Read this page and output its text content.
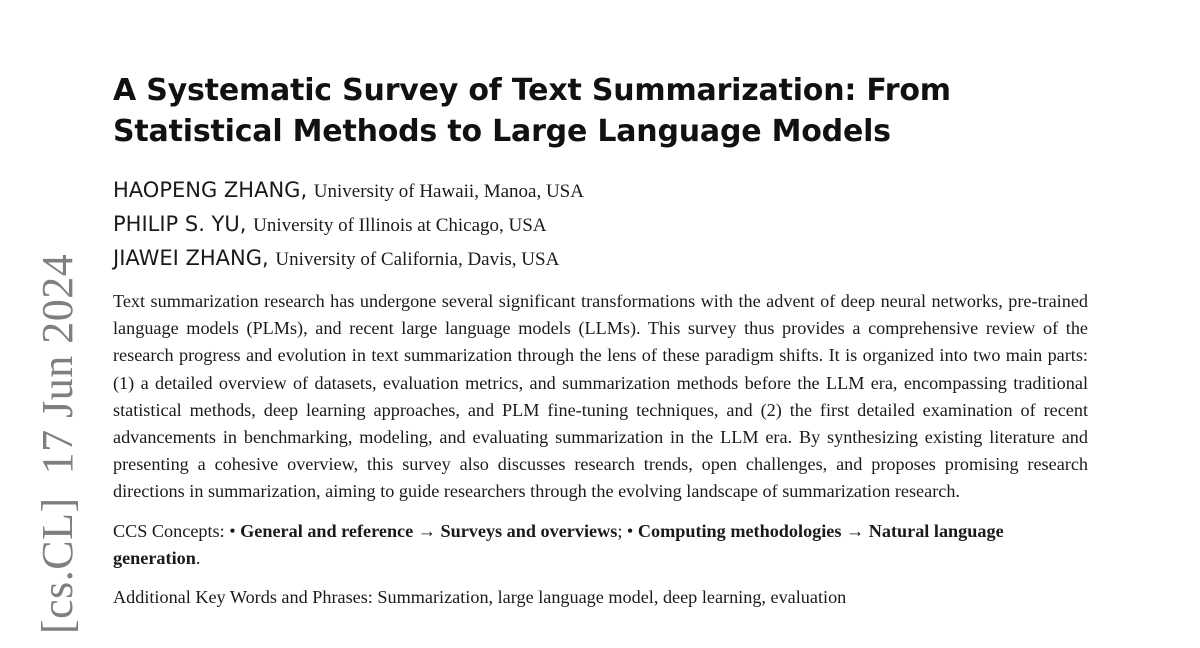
[cs.CL]  17 Jun 2024
A Systematic Survey of Text Summarization: From Statistical Methods to Large Language Models
HAOPENG ZHANG, University of Hawaii, Manoa, USA
PHILIP S. YU, University of Illinois at Chicago, USA
JIAWEI ZHANG, University of California, Davis, USA

Text summarization research has undergone several significant transformations with the advent of deep neural networks, pre-trained language models (PLMs), and recent large language models (LLMs). This survey thus provides a comprehensive review of the research progress and evolution in text summarization through the lens of these paradigm shifts. It is organized into two main parts: (1) a detailed overview of datasets, evaluation metrics, and summarization methods before the LLM era, encompassing traditional statistical methods, deep learning approaches, and PLM fine-tuning techniques, and (2) the first detailed examination of recent advancements in benchmarking, modeling, and evaluating summarization in the LLM era. By synthesizing existing literature and presenting a cohesive overview, this survey also discusses research trends, open challenges, and proposes promising research directions in summarization, aiming to guide researchers through the evolving landscape of summarization research.

CCS Concepts: • General and reference → Surveys and overviews; • Computing methodologies → Natural language generation.

Additional Key Words and Phrases: Summarization, large language model, deep learning, evaluation
